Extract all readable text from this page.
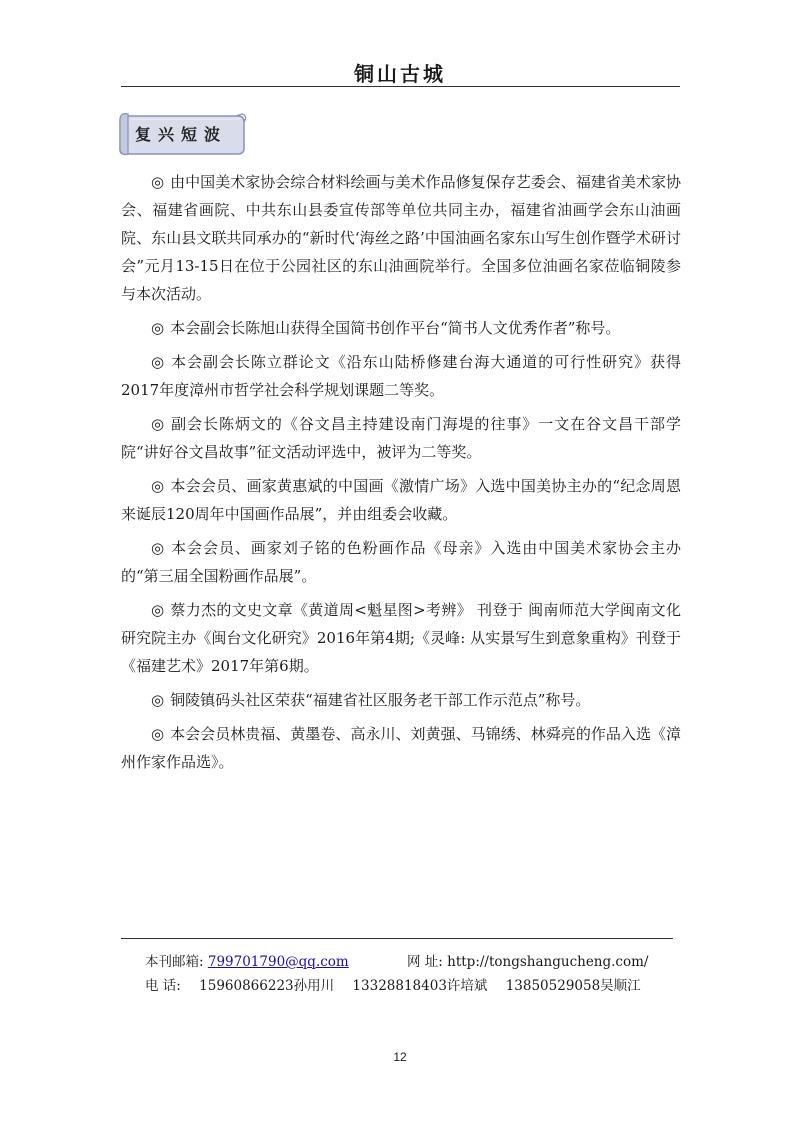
铜山古城
复兴短波

◎ 由中国美术家协会综合材料绘画与美术作品修复保存艺委会、福建省美术家协会、福建省画院、中共东山县委宣传部等单位共同主办，福建省油画学会东山油画院、东山县文联共同承办的“新时代‘海丝之路’中国油画名家东山写生创作暨学术研讨会”元月13-15日在位于公园社区的东山油画院举行。全国多位油画名家莅临铜陵参与本次活动。

◎ 本会副会长陈旭山获得全国简书创作平台“简书人文优秀作者”称号。

◎ 本会副会长陈立群论文《沿东山陆桥修建台海大通道的可行性研究》获得2017年度漳州市哲学社会科学规划课题二等奖。

◎ 副会长陈炳文的《谷文昌主持建设南门海堤的往事》一文在谷文昌干部学院“讲好谷文昌故事”征文活动评选中，被评为二等奖。

◎ 本会会员、画家黄惠斌的中国画《激情广场》入选中国美协主办的“纪念周恩来诞辰120周年中国画作品展”，并由组委会收藏。

◎ 本会会员、画家刘子铭的色粉画作品《母亲》入选由中国美术家协会主办的“第三届全国粉画作品展”。

◎ 蔡力杰的文史文章《黄道周<魁星图>考辨》 刊登于 闽南师范大学闽南文化研究院主办《闽台文化研究》2016年第4期;《灵峰: 从实景写生到意象重构》刊登于《福建艺术》2017年第6期。

◎ 铜陵镇码头社区荣获“福建省社区服务老干部工作示范点”称号。

◎ 本会会员林贵福、黄墨卷、高永川、刘黄强、马锦绣、林舜亮的作品入选《漳州作家作品选》。

本刊邮箱: 799701790@qq.com	网 址: http://tongshangucheng.com/
电 话: 15960866223孙用川 13328818403许培斌 13850529058吴顺江
12
